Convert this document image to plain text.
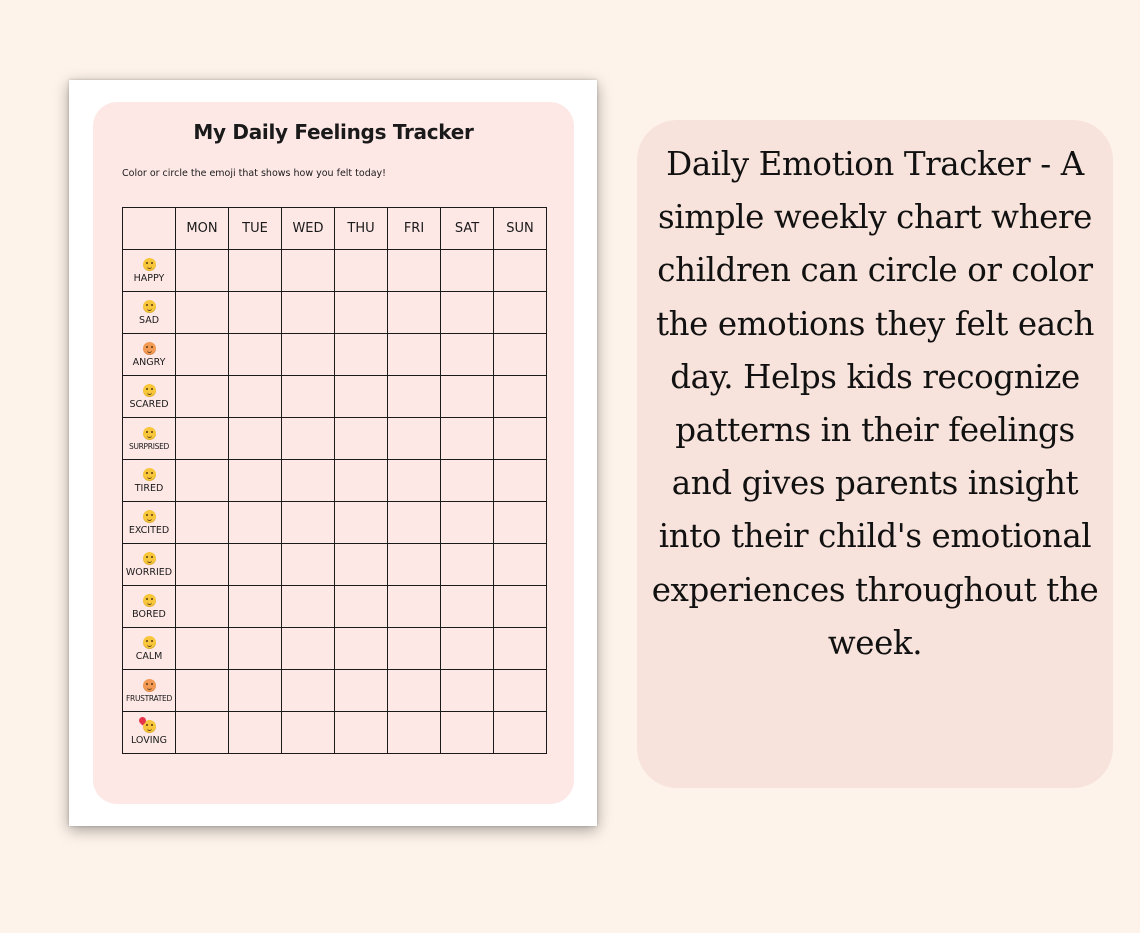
My Daily Feelings Tracker
Color or circle the emoji that shows how you felt today!
	MON	TUE	WED	THU	FRI	SAT	SUN

HAPPY							

SAD							

ANGRY							

SCARED							

SURPRISED							

TIRED							

EXCITED							

WORRIED							

BORED							

CALM							

FRUSTRATED							

LOVING							

Daily Emotion Tracker - A simple weekly chart where children can circle or color the emotions they felt each day. Helps kids recognize patterns in their feelings and gives parents insight into their child's emotional experiences throughout the week.
